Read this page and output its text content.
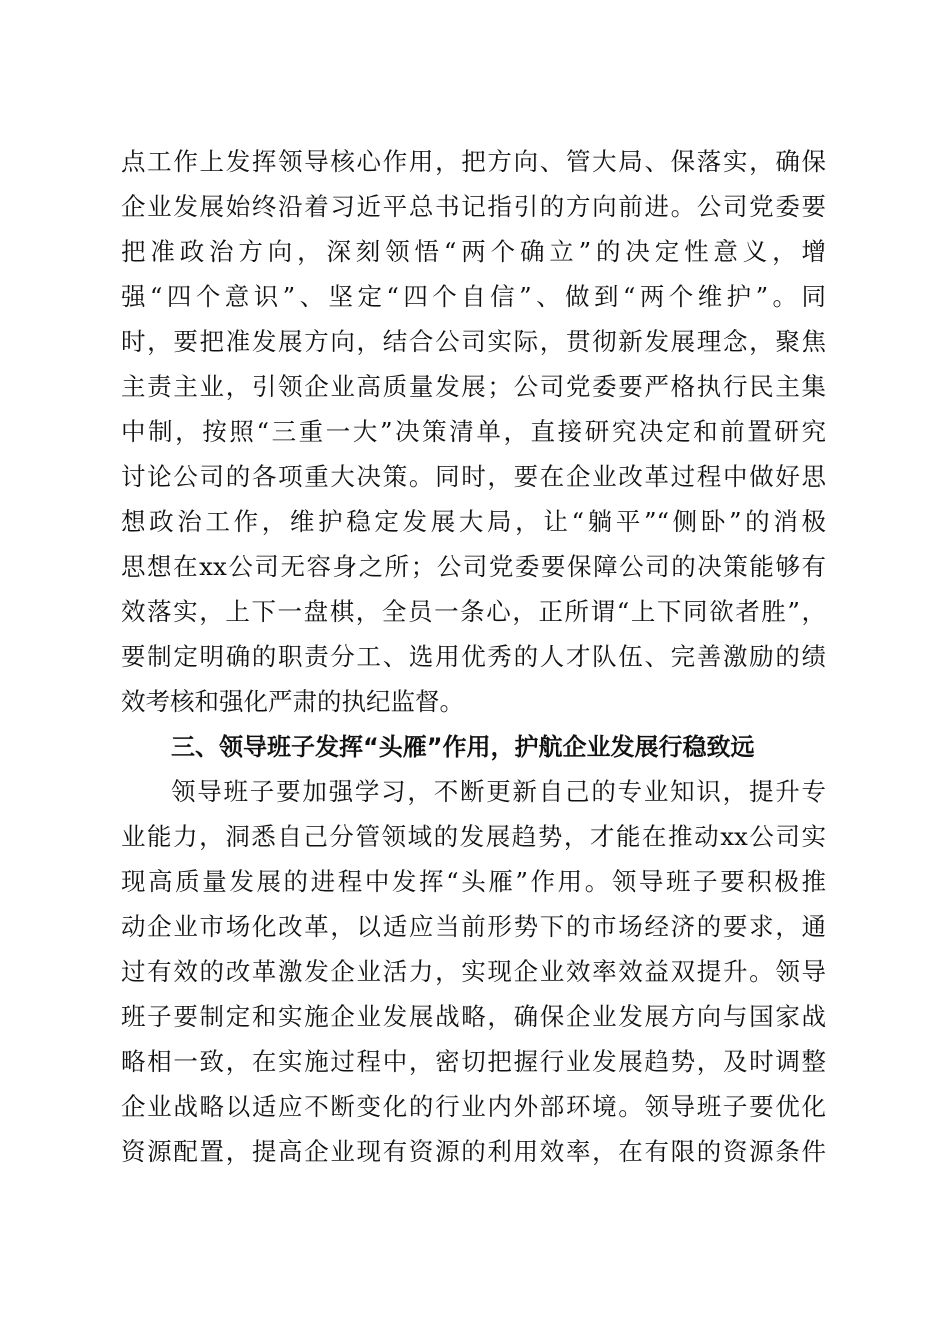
点工作上发挥领导核心作用，把方向、管大局、保落实，确保
企业发展始终沿着习近平总书记指引的方向前进。公司党委要
把准政治方向，深刻领悟“两个确立”的决定性意义，增
强“四个意识”、坚定“四个自信”、做到“两个维护”。同
时，要把准发展方向，结合公司实际，贯彻新发展理念，聚焦
主责主业，引领企业高质量发展；公司党委要严格执行民主集
中制，按照“三重一大”决策清单，直接研究决定和前置研究
讨论公司的各项重大决策。同时，要在企业改革过程中做好思
想政治工作，维护稳定发展大局，让“躺平”“侧卧”的消极
思想在xx公司无容身之所；公司党委要保障公司的决策能够有
效落实，上下一盘棋，全员一条心，正所谓“上下同欲者胜”，
要制定明确的职责分工、选用优秀的人才队伍、完善激励的绩
效考核和强化严肃的执纪监督。
三、领导班子发挥“头雁”作用，护航企业发展行稳致远
领导班子要加强学习，不断更新自己的专业知识，提升专
业能力，洞悉自己分管领域的发展趋势，才能在推动xx公司实
现高质量发展的进程中发挥“头雁”作用。领导班子要积极推
动企业市场化改革，以适应当前形势下的市场经济的要求，通
过有效的改革激发企业活力，实现企业效率效益双提升。领导
班子要制定和实施企业发展战略，确保企业发展方向与国家战
略相一致，在实施过程中，密切把握行业发展趋势，及时调整
企业战略以适应不断变化的行业内外部环境。领导班子要优化
资源配置，提高企业现有资源的利用效率，在有限的资源条件
